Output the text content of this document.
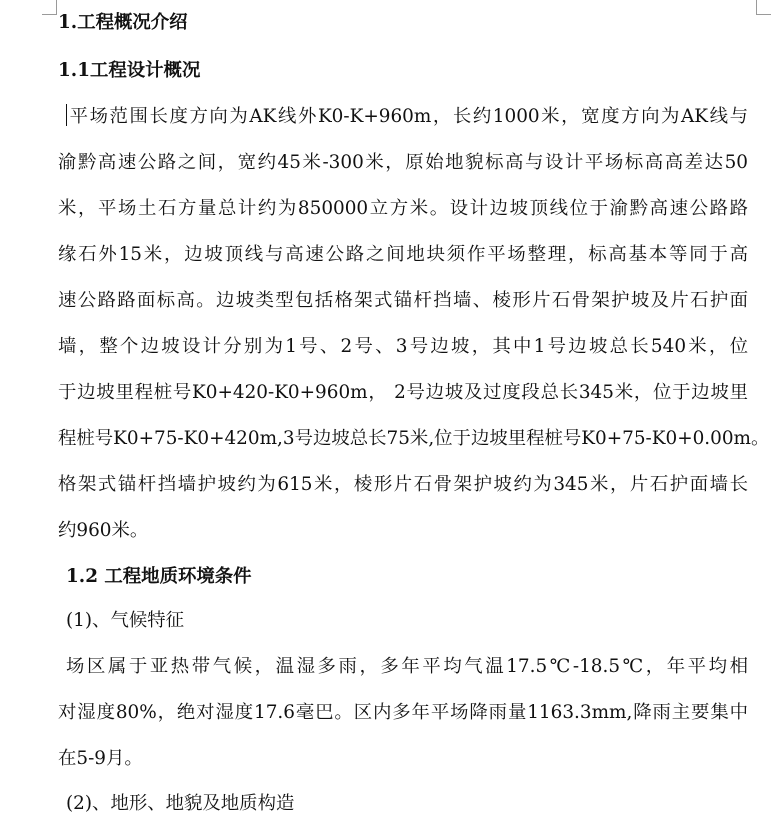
1.工程概况介绍
1.1工程设计概况
平场范围长度方向为AK线外K0-K+960m，长约1000米，宽度方向为AK线与
渝黔高速公路之间，宽约45米-300米，原始地貌标高与设计平场标高高差达50
米，平场土石方量总计约为850000立方米。设计边坡顶线位于渝黔高速公路路
缘石外15米，边坡顶线与高速公路之间地块须作平场整理，标高基本等同于高
速公路路面标高。边坡类型包括格架式锚杆挡墙、棱形片石骨架护坡及片石护面
墙，整个边坡设计分别为1号、2号、3号边坡，其中1号边坡总长540米，位
于边坡里程桩号K0+420-K0+960m， 2号边坡及过度段总长345米，位于边坡里
程桩号K0+75-K0+420m,3号边坡总长75米,位于边坡里程桩号K0+75-K0+0.00m。
格架式锚杆挡墙护坡约为615米，棱形片石骨架护坡约为345米，片石护面墙长
约960米。
1.2 工程地质环境条件
(1)、气候特征
场区属于亚热带气候，温湿多雨，多年平均气温17.5℃-18.5℃，年平均相
对湿度80%，绝对湿度17.6毫巴。区内多年平场降雨量1163.3mm,降雨主要集中
在5-9月。
(2)、地形、地貌及地质构造
